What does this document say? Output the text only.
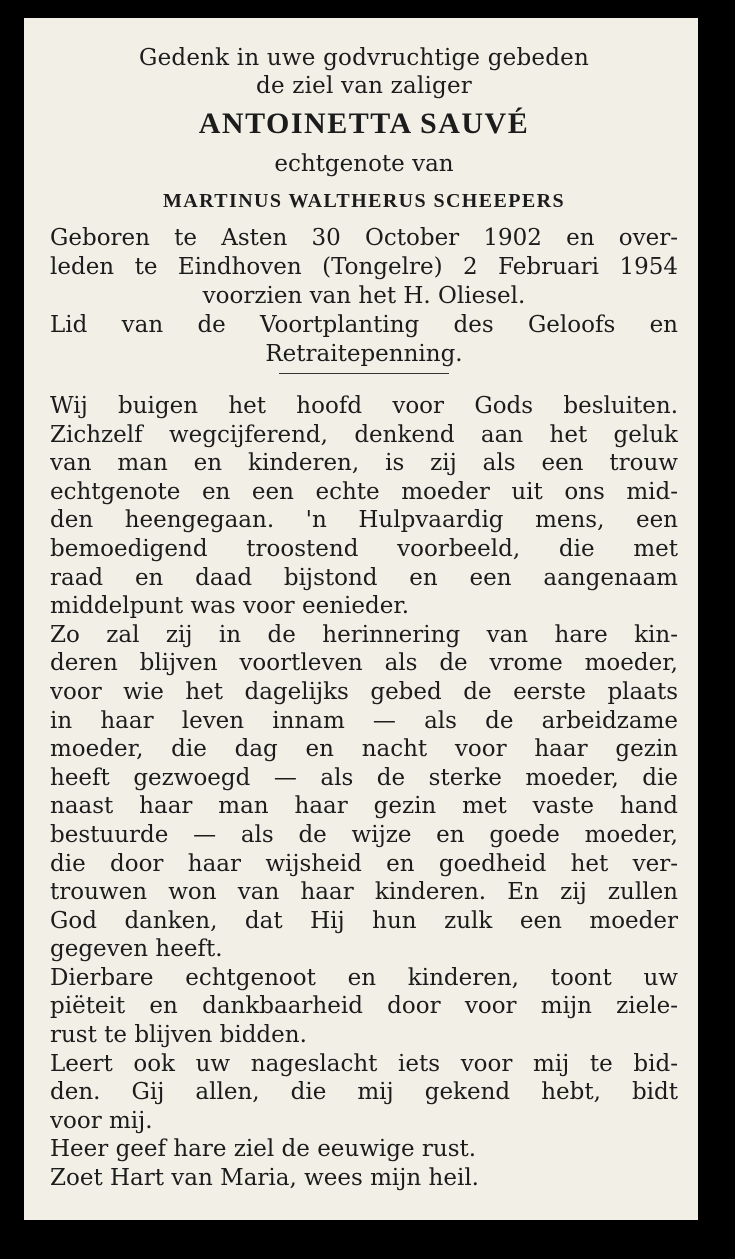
Gedenk in uwe godvruchtige gebeden
de ziel van zaliger
ANTOINETTA SAUVÉ
echtgenote van
MARTINUS WALTHERUS SCHEEPERS
Geboren te Asten 30 October 1902 en over-
leden te Eindhoven (Tongelre) 2 Februari 1954
voorzien van het H. Oliesel.
Lid van de Voortplanting des Geloofs en
Retraitepenning.
Wij buigen het hoofd voor Gods besluiten.
Zichzelf wegcijferend, denkend aan het geluk
van man en kinderen, is zij als een trouw
echtgenote en een echte moeder uit ons mid-
den heengegaan. 'n Hulpvaardig mens, een
bemoedigend troostend voorbeeld, die met
raad en daad bijstond en een aangenaam
middelpunt was voor eenieder.
Zo zal zij in de herinnering van hare kin-
deren blijven voortleven als de vrome moeder,
voor wie het dagelijks gebed de eerste plaats
in haar leven innam — als de arbeidzame
moeder, die dag en nacht voor haar gezin
heeft gezwoegd — als de sterke moeder, die
naast haar man haar gezin met vaste hand
bestuurde — als de wijze en goede moeder,
die door haar wijsheid en goedheid het ver-
trouwen won van haar kinderen. En zij zullen
God danken, dat Hij hun zulk een moeder
gegeven heeft.
Dierbare echtgenoot en kinderen, toont uw
piëteit en dankbaarheid door voor mijn ziele-
rust te blijven bidden.
Leert ook uw nageslacht iets voor mij te bid-
den. Gij allen, die mij gekend hebt, bidt
voor mij.
Heer geef hare ziel de eeuwige rust.
Zoet Hart van Maria, wees mijn heil.
